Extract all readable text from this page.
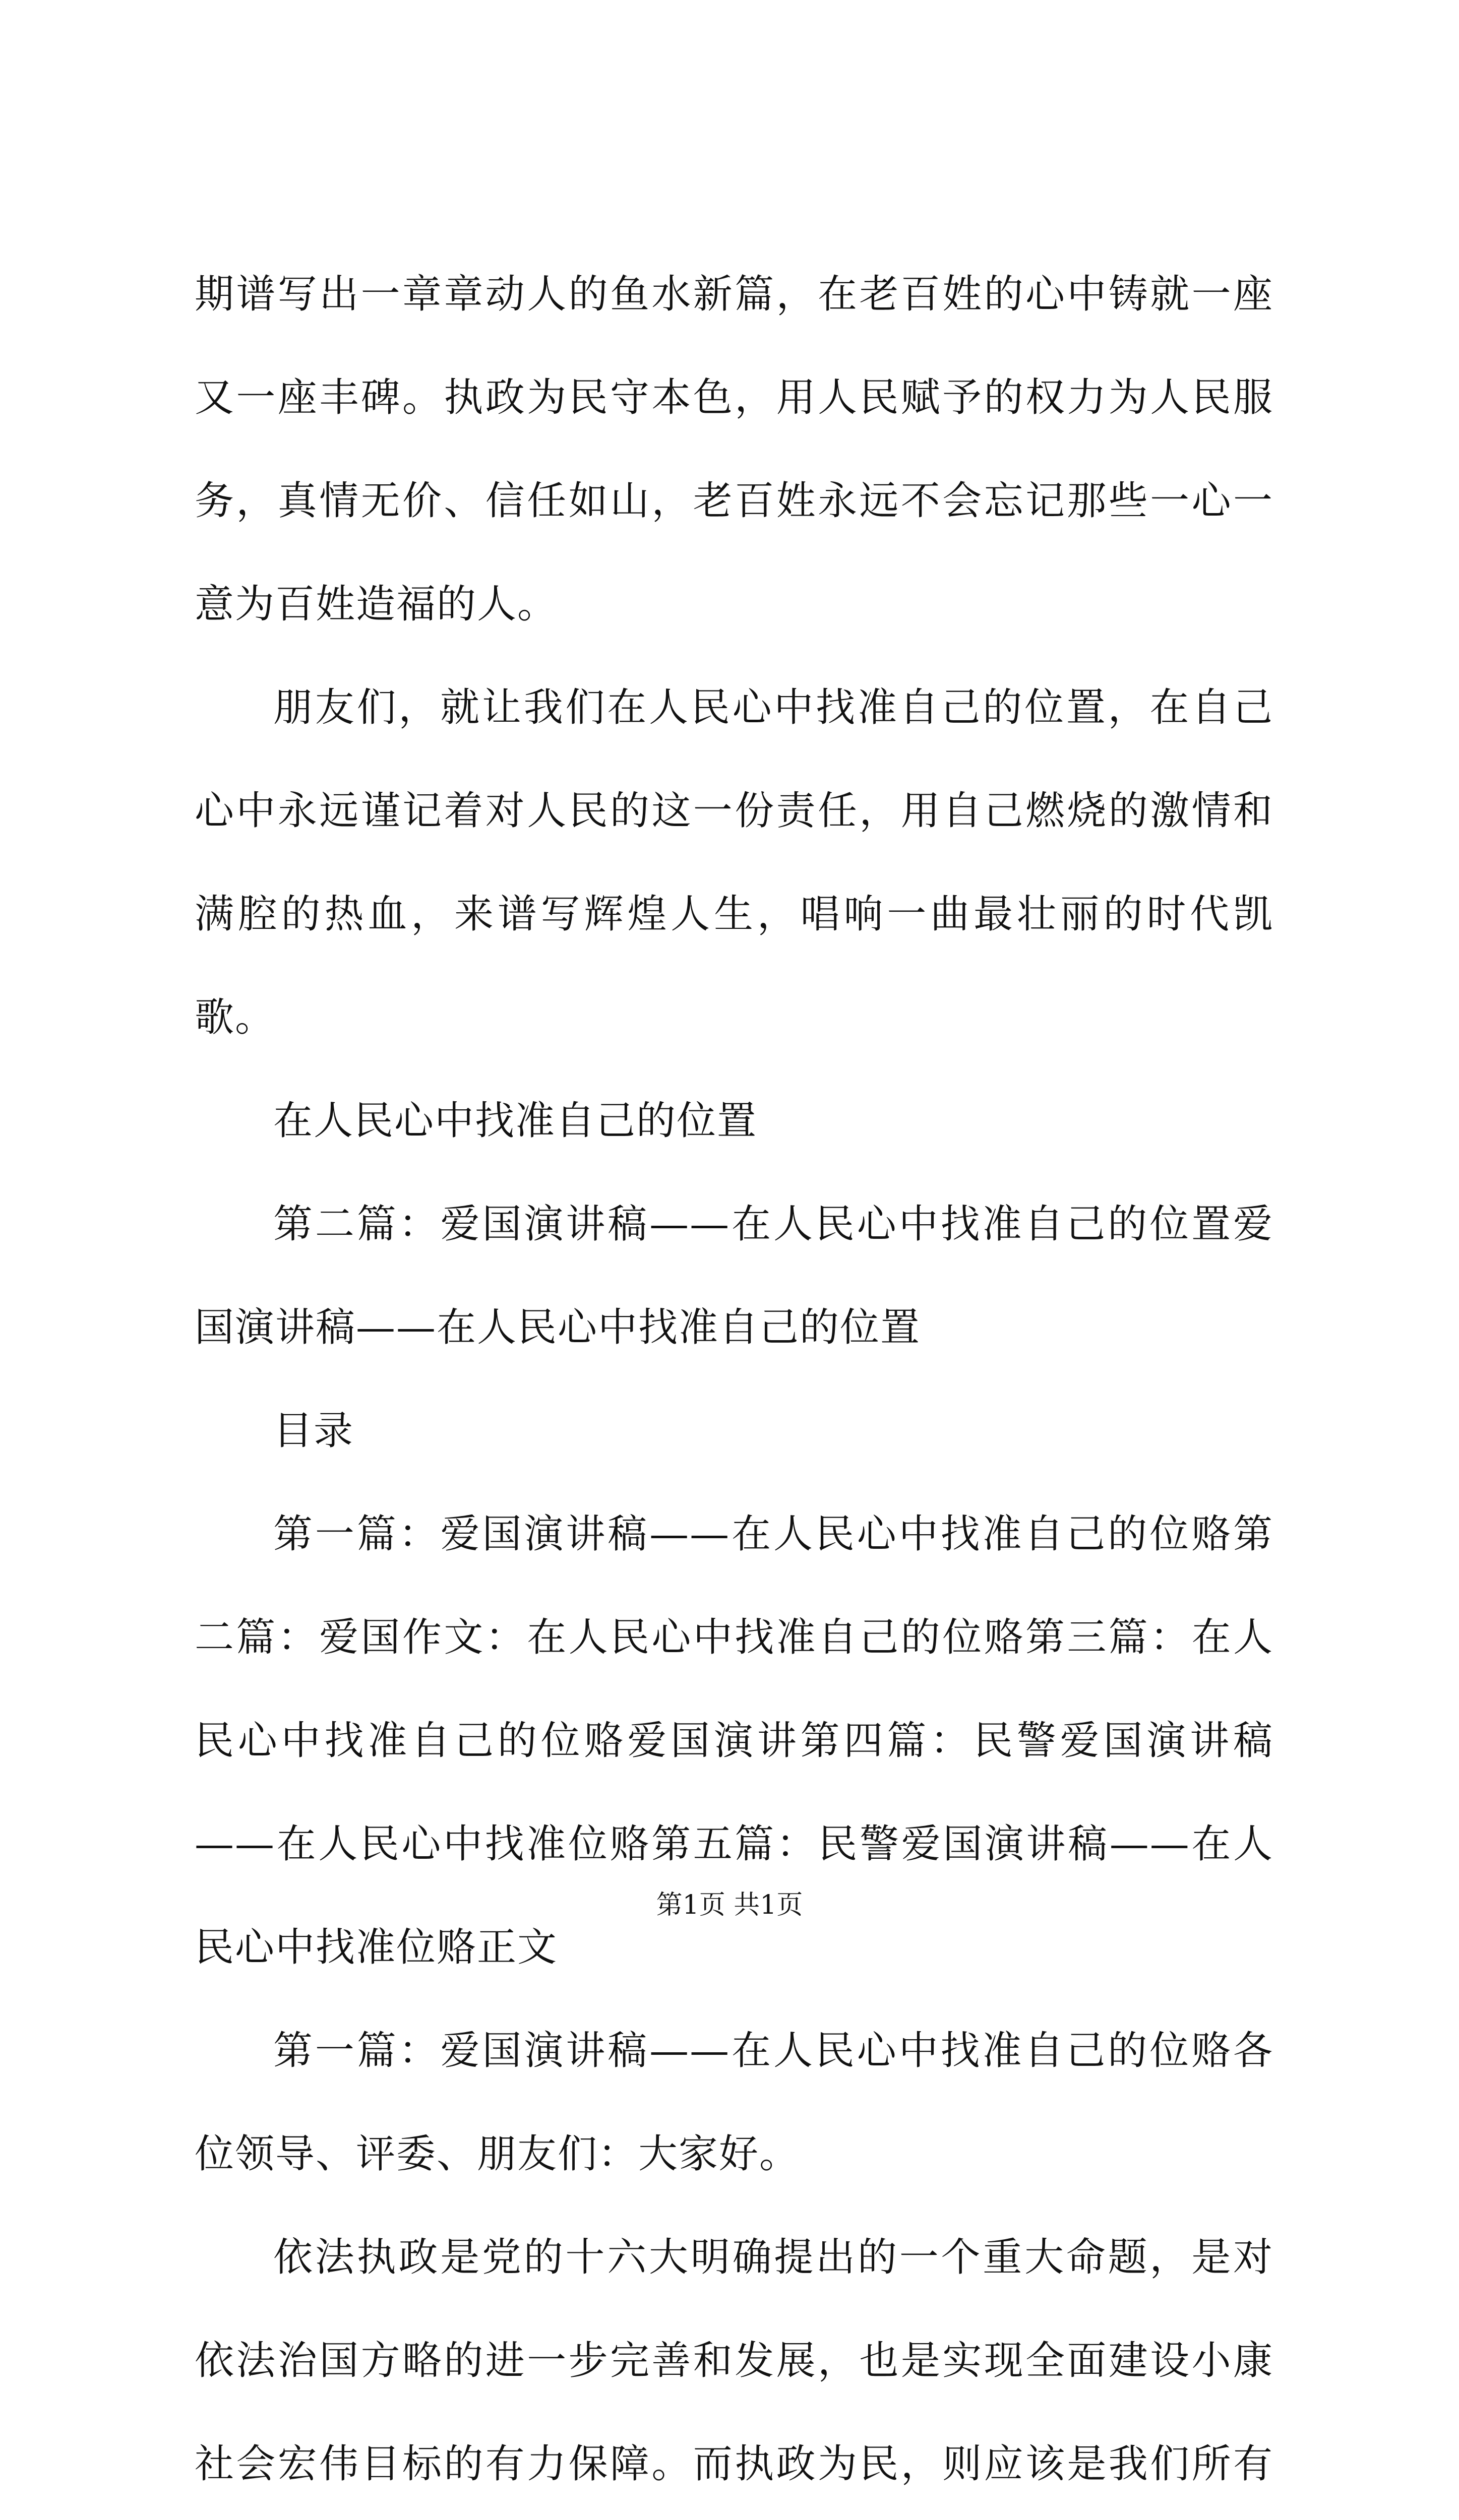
期谱写出一章章动人的鱼水新篇，在老百姓的心中铸就一座又一座丰碑。执政为民守本色，用人民赋予的权力为人民服务，真情无价、信任如山，老百姓永远不会忘记那些一心一意为百姓造福的人。

朋友们，就让我们在人民心中找准自己的位置，在自己心中永远谨记着对人民的这一份责任，用自己燃烧的激情和满腔的热血，来谱写辉煌人生，唱响一曲最壮丽的时代凯歌。

在人民心中找准自己的位置

第二篇：爱国演讲稿——在人民心中找准自己的位置爱国演讲稿——在人民心中找准自己的位置

目录

第一篇：爱国演讲稿——在人民心中找准自己的位赂第二篇：爱国作文：在人民心中找准自己的位赂第三篇：在人民心中找准自己的位赂爱国演讲第四篇：民警爱国演讲稿——在人民心中找准位赂第五篇：民警爱国演讲稿——在人民心中找准位赂正文

第一篇：爱国演讲稿——在人民心中找准自己的位赂各位领导、评委、朋友们：大家好。

依法执政是党的十六大明确提出的一个重大命题，是对依法治国方略的进一步完善和发展，也是实现全面建设小康社会宏伟目标的有力保障。而执政为民，则应该是我们所有

第1页 共1页
